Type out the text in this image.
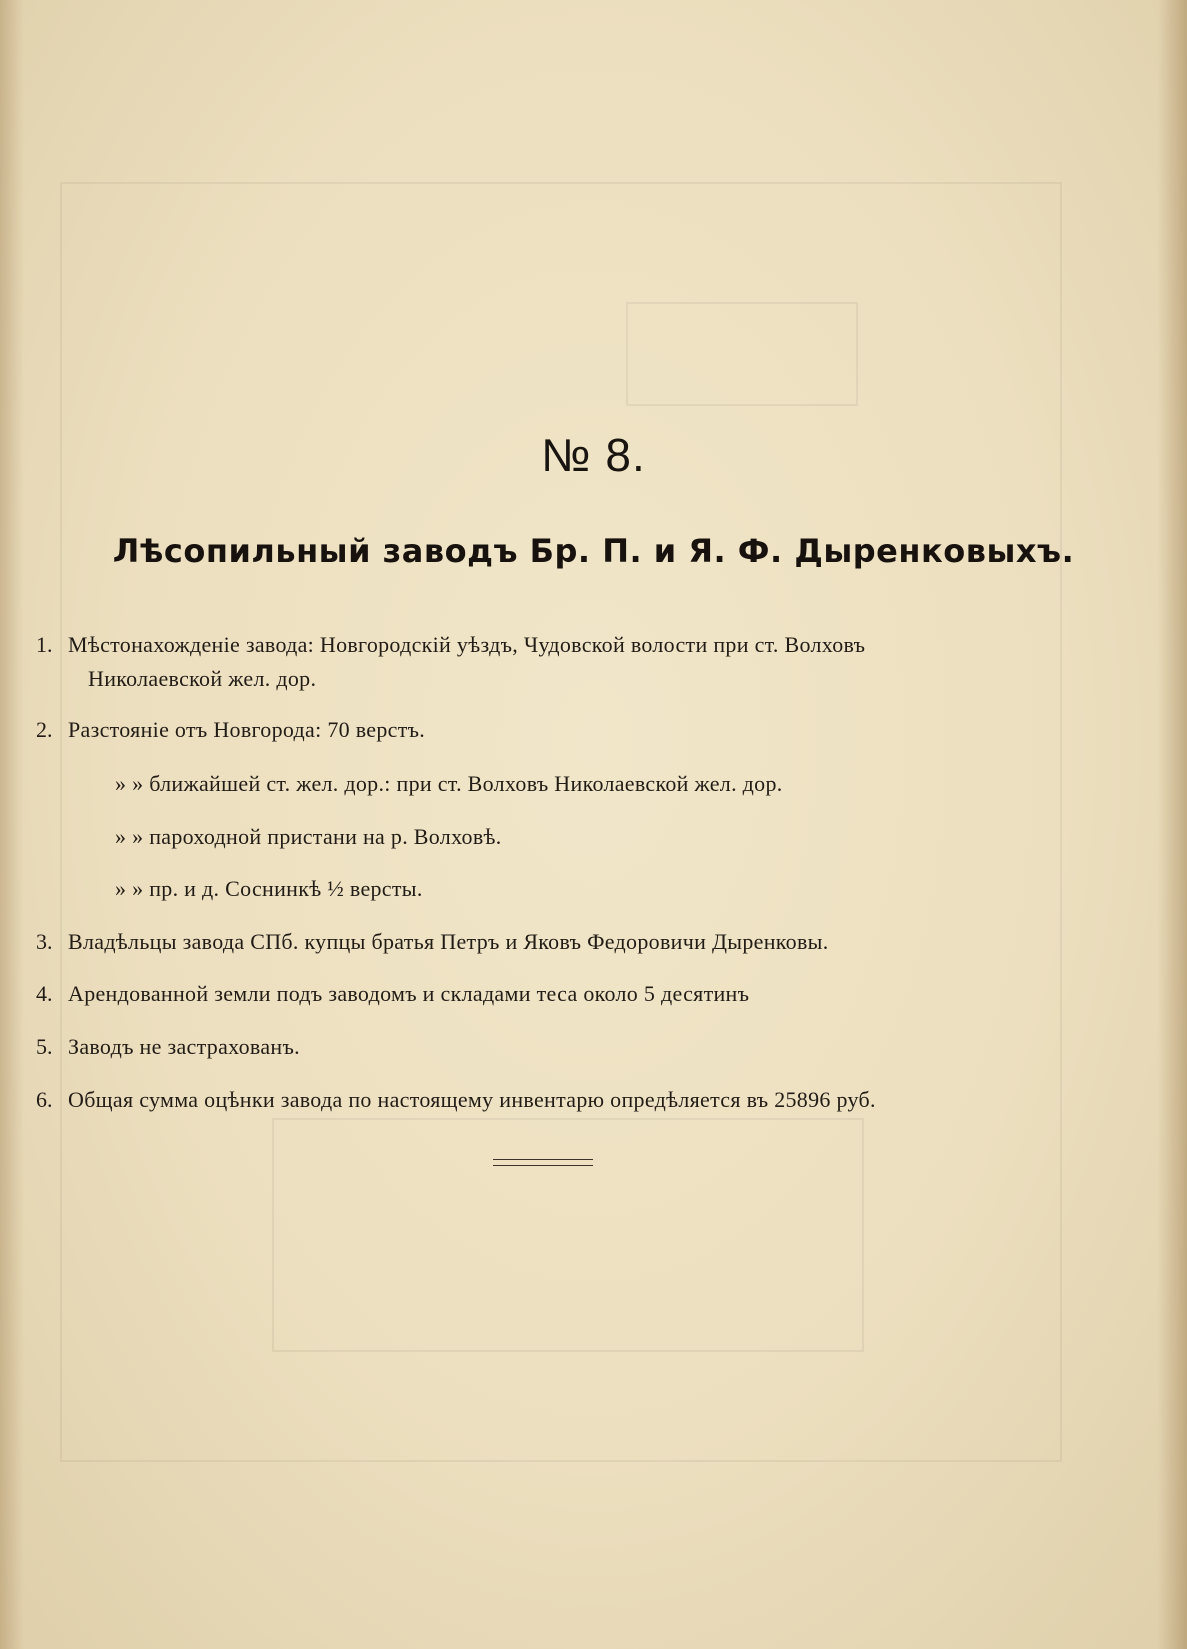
№ 8.
Лѣсопильный заводъ Бр. П. и Я. Ф. Дыренковыхъ.
1. Мѣстонахожденіе завода: Новгородскій уѣздъ, Чудовской волости при ст. Волховъ
Николаевской жел. дор.
2. Разстояніе отъ Новгорода: 70 верстъ.
» » ближайшей ст. жел. дор.: при ст. Волховъ Николаевской жел. дор.
» » пароходной пристани на р. Волховѣ.
» » пр. и д. Соснинкѣ ½ версты.
3. Владѣльцы завода СПб. купцы братья Петръ и Яковъ Федоровичи Дыренковы.
4. Арендованной земли подъ заводомъ и складами теса около 5 десятинъ
5. Заводъ не застрахованъ.
6. Общая сумма оцѣнки завода по настоящему инвентарю опредѣляется въ 25896 руб.
